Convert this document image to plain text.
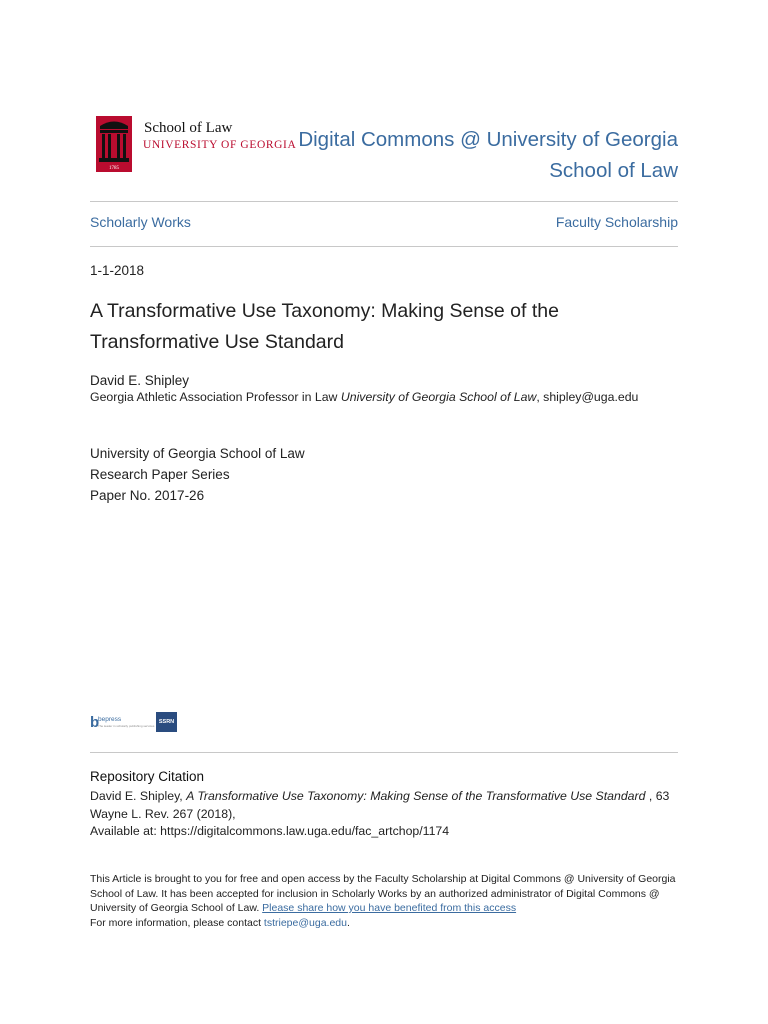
1785
School of Law
UNIVERSITY OF GEORGIA Digital Commons @ University of Georgia
School of Law
Scholarly Works	Faculty Scholarship
1-1-2018
A Transformative Use Taxonomy: Making Sense of the
Transformative Use Standard
David E. Shipley
Georgia Athletic Association Professor in Law University of Georgia School of Law, shipley@uga.edu
University of Georgia School of Law
Research Paper Series
Paper No. 2017-26
b
bepress
The leader in scholarly publishing services
SSRN
Repository Citation
David E. Shipley, A Transformative Use Taxonomy: Making Sense of the Transformative Use Standard , 63 Wayne L. Rev. 267 (2018),
Available at: https://digitalcommons.law.uga.edu/fac_artchop/1174
This Article is brought to you for free and open access by the Faculty Scholarship at Digital Commons @ University of Georgia School of Law. It has been accepted for inclusion in Scholarly Works by an authorized administrator of Digital Commons @ University of Georgia School of Law. Please share how you have benefited from this access
For more information, please contact tstriepe@uga.edu.
